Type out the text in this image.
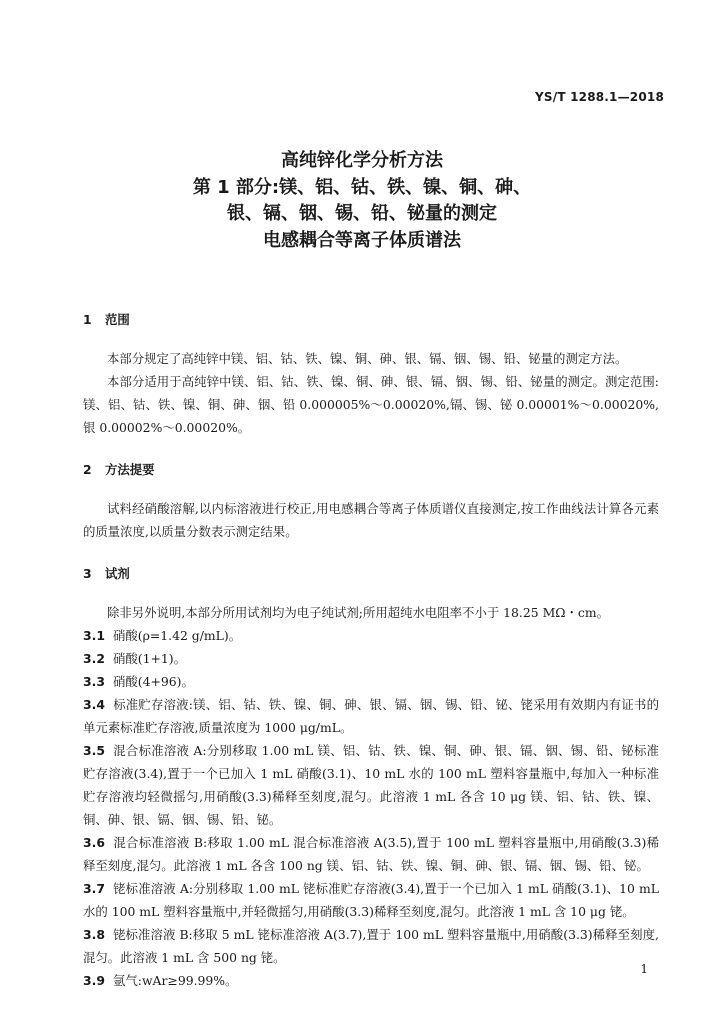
YS/T 1288.1—2018
高纯锌化学分析方法
第 1 部分:镁、铝、钴、铁、镍、铜、砷、
银、镉、铟、锡、铅、铋量的测定
电感耦合等离子体质谱法
1 范围

本部分规定了高纯锌中镁、铝、钴、铁、镍、铜、砷、银、镉、铟、锡、铅、铋量的测定方法。

本部分适用于高纯锌中镁、铝、钴、铁、镍、铜、砷、银、镉、铟、锡、铅、铋量的测定。测定范围:镁、铝、钴、铁、镍、铜、砷、铟、铅 0.000005%～0.00020%,镉、锡、铋 0.00001%～0.00020%,银 0.00002%～0.00020%。

2 方法提要

试料经硝酸溶解,以内标溶液进行校正,用电感耦合等离子体质谱仪直接测定,按工作曲线法计算各元素的质量浓度,以质量分数表示测定结果。

3 试剂

除非另外说明,本部分所用试剂均为电子纯试剂;所用超纯水电阻率不小于 18.25 MΩ・cm。

3.1 硝酸(ρ=1.42 g/mL)。

3.2 硝酸(1+1)。

3.3 硝酸(4+96)。

3.4 标准贮存溶液:镁、铝、钴、铁、镍、铜、砷、银、镉、铟、锡、铅、铋、铑采用有效期内有证书的单元素标准贮存溶液,质量浓度为 1000 μg/mL。

3.5 混合标准溶液 A:分别移取 1.00 mL 镁、铝、钴、铁、镍、铜、砷、银、镉、铟、锡、铅、铋标准贮存溶液(3.4),置于一个已加入 1 mL 硝酸(3.1)、10 mL 水的 100 mL 塑料容量瓶中,每加入一种标准贮存溶液均轻微摇匀,用硝酸(3.3)稀释至刻度,混匀。此溶液 1 mL 各含 10 μg 镁、铝、钴、铁、镍、铜、砷、银、镉、铟、锡、铅、铋。

3.6 混合标准溶液 B:移取 1.00 mL 混合标准溶液 A(3.5),置于 100 mL 塑料容量瓶中,用硝酸(3.3)稀释至刻度,混匀。此溶液 1 mL 各含 100 ng 镁、铝、钴、铁、镍、铜、砷、银、镉、铟、锡、铅、铋。

3.7 铑标准溶液 A:分别移取 1.00 mL 铑标准贮存溶液(3.4),置于一个已加入 1 mL 硝酸(3.1)、10 mL 水的 100 mL 塑料容量瓶中,并轻微摇匀,用硝酸(3.3)稀释至刻度,混匀。此溶液 1 mL 含 10 μg 铑。

3.8 铑标准溶液 B:移取 5 mL 铑标准溶液 A(3.7),置于 100 mL 塑料容量瓶中,用硝酸(3.3)稀释至刻度,混匀。此溶液 1 mL 含 500 ng 铑。

3.9 氩气:wAr≥99.99%。

1
